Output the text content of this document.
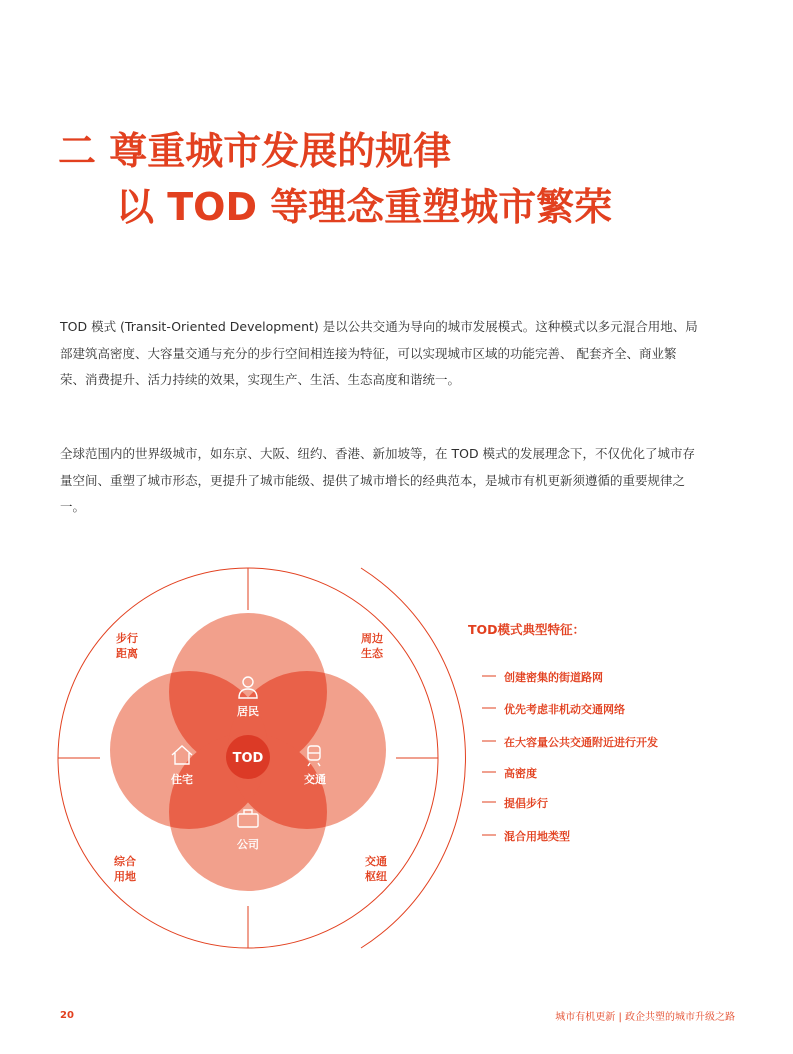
二 尊重城市发展的规律
以 TOD 等理念重塑城市繁荣

TOD 模式 (Transit-Oriented Development) 是以公共交通为导向的城市发展模式。这种模式以多元混合用地、局部建筑高密度、大容量交通与充分的步行空间相连接为特征，可以实现城市区域的功能完善、 配套齐全、商业繁荣、消费提升、活力持续的效果，实现生产、生活、生态高度和谐统一。

全球范围内的世界级城市，如东京、大阪、纽约、香港、新加坡等，在 TOD 模式的发展理念下，不仅优化了城市存量空间、重塑了城市形态，更提升了城市能级、提供了城市增长的经典范本，是城市有机更新须遵循的重要规律之一。

TOD
居民
住宅	交通
公司
步行
距离
周边
生态
综合
用地
交通
枢纽
TOD模式典型特征：
创建密集的街道路网
优先考虑非机动交通网络
在大容量公共交通附近进行开发
高密度
提倡步行
混合用地类型
20	城市有机更新 | 政企共塑的城市升级之路
